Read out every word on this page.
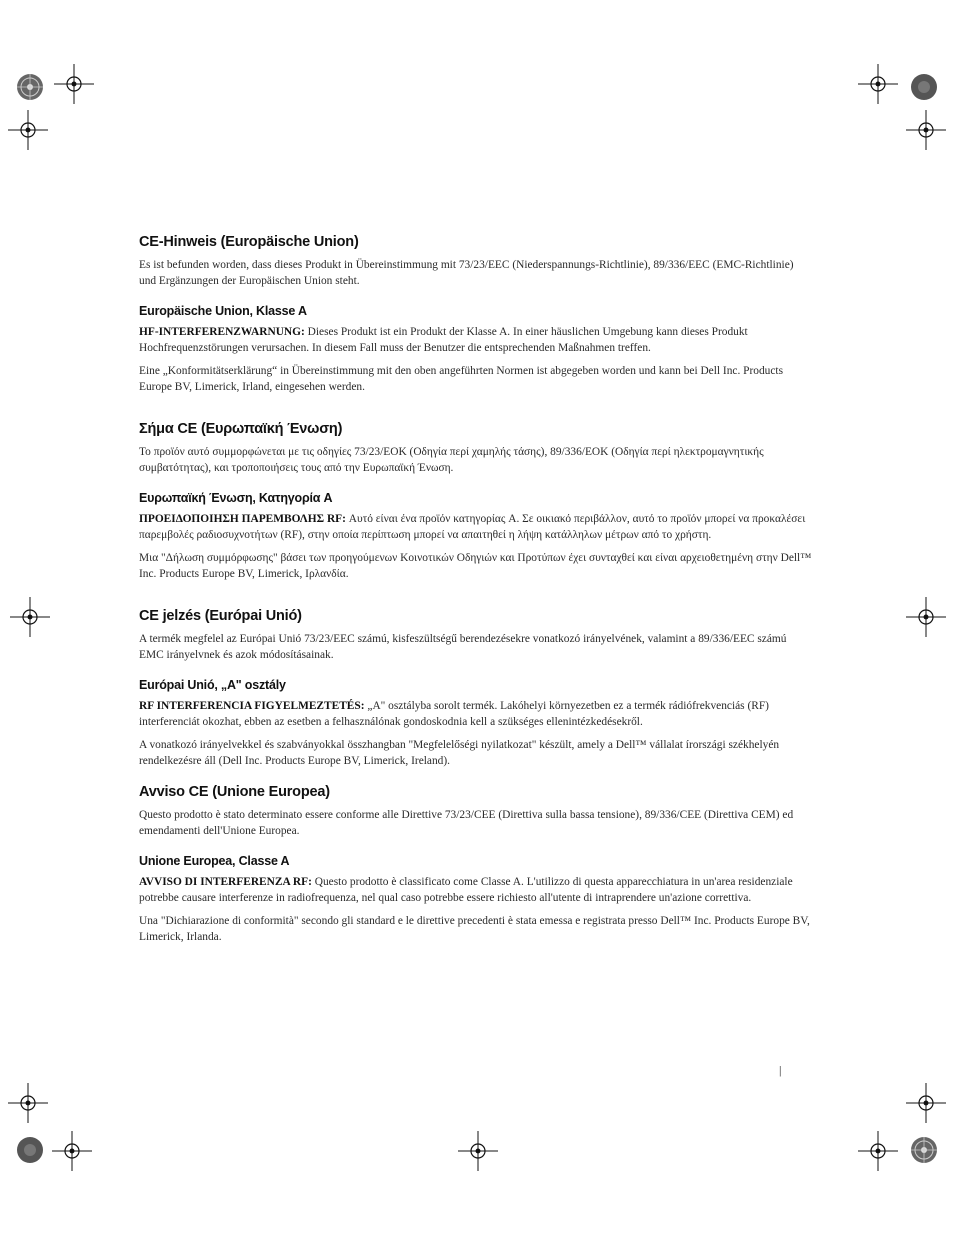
CE-Hinweis (Europäische Union)

Es ist befunden worden, dass dieses Produkt in Übereinstimmung mit 73/23/EEC (Niederspannungs-Richtlinie), 89/336/EEC (EMC-Richtlinie) und Ergänzungen der Europäischen Union steht.

Europäische Union, Klasse A

HF-INTERFERENZWARNUNG: Dieses Produkt ist ein Produkt der Klasse A. In einer häuslichen Umgebung kann dieses Produkt Hochfrequenzstörungen verursachen. In diesem Fall muss der Benutzer die entsprechenden Maßnahmen treffen.

Eine „Konformitätserklärung“ in Übereinstimmung mit den oben angeführten Normen ist abgegeben worden und kann bei Dell Inc. Products Europe BV, Limerick, Irland, eingesehen werden.

Σήμα CE (Ευρωπαϊκή Ένωση)

Το προϊόν αυτό συμμορφώνεται με τις οδηγίες 73/23/EOK (Οδηγία περί χαμηλής τάσης), 89/336/EOK (Οδηγία περί ηλεκτρομαγνητικής συμβατότητας), και τροποποιήσεις τους από την Ευρωπαϊκή Ένωση.

Ευρωπαϊκή Ένωση, Κατηγορία A

ΠΡΟΕΙΔΟΠΟΙΗΣΗ ΠΑΡΕΜΒΟΛΗΣ RF: Αυτό είναι ένα προϊόν κατηγορίας A. Σε οικιακό περιβάλλον, αυτό το προϊόν μπορεί να προκαλέσει παρεμβολές ραδιοσυχνοτήτων (RF), στην οποία περίπτωση μπορεί να απαιτηθεί η λήψη κατάλληλων μέτρων από το χρήστη.

Μια "Δήλωση συμμόρφωσης" βάσει των προηγούμενων Κοινοτικών Οδηγιών και Προτύπων έχει συνταχθεί και είναι αρχειοθετημένη στην Dell™ Inc. Products Europe BV, Limerick, Ιρλανδία.

CE jelzés (Európai Unió)

A termék megfelel az Európai Unió 73/23/EEC számú, kisfeszültségű berendezésekre vonatkozó irányelvének, valamint a 89/336/EEC számú EMC irányelvnek és azok módosításainak.

Európai Unió, „A" osztály

RF INTERFERENCIA FIGYELMEZTETÉS: „A" osztályba sorolt termék. Lakóhelyi környezetben ez a termék rádiófrekvenciás (RF) interferenciát okozhat, ebben az esetben a felhasználónak gondoskodnia kell a szükséges ellenintézkedésekről.

A vonatkozó irányelvekkel és szabványokkal összhangban "Megfelelőségi nyilatkozat" készült, amely a Dell™ vállalat írországi székhelyén rendelkezésre áll (Dell Inc. Products Europe BV, Limerick, Ireland).

Avviso CE (Unione Europea)

Questo prodotto è stato determinato essere conforme alle Direttive 73/23/CEE (Direttiva sulla bassa tensione), 89/336/CEE (Direttiva CEM) ed emendamenti dell'Unione Europea.

Unione Europea, Classe A

AVVISO DI INTERFERENZA RF: Questo prodotto è classificato come Classe A. L'utilizzo di questa apparecchiatura in un'area residenziale potrebbe causare interferenze in radiofrequenza, nel qual caso potrebbe essere richiesto all'utente di intraprendere un'azione correttiva.

Una "Dichiarazione di conformità" secondo gli standard e le direttive precedenti è stata emessa e registrata presso Dell™ Inc. Products Europe BV, Limerick, Irlanda.

|
